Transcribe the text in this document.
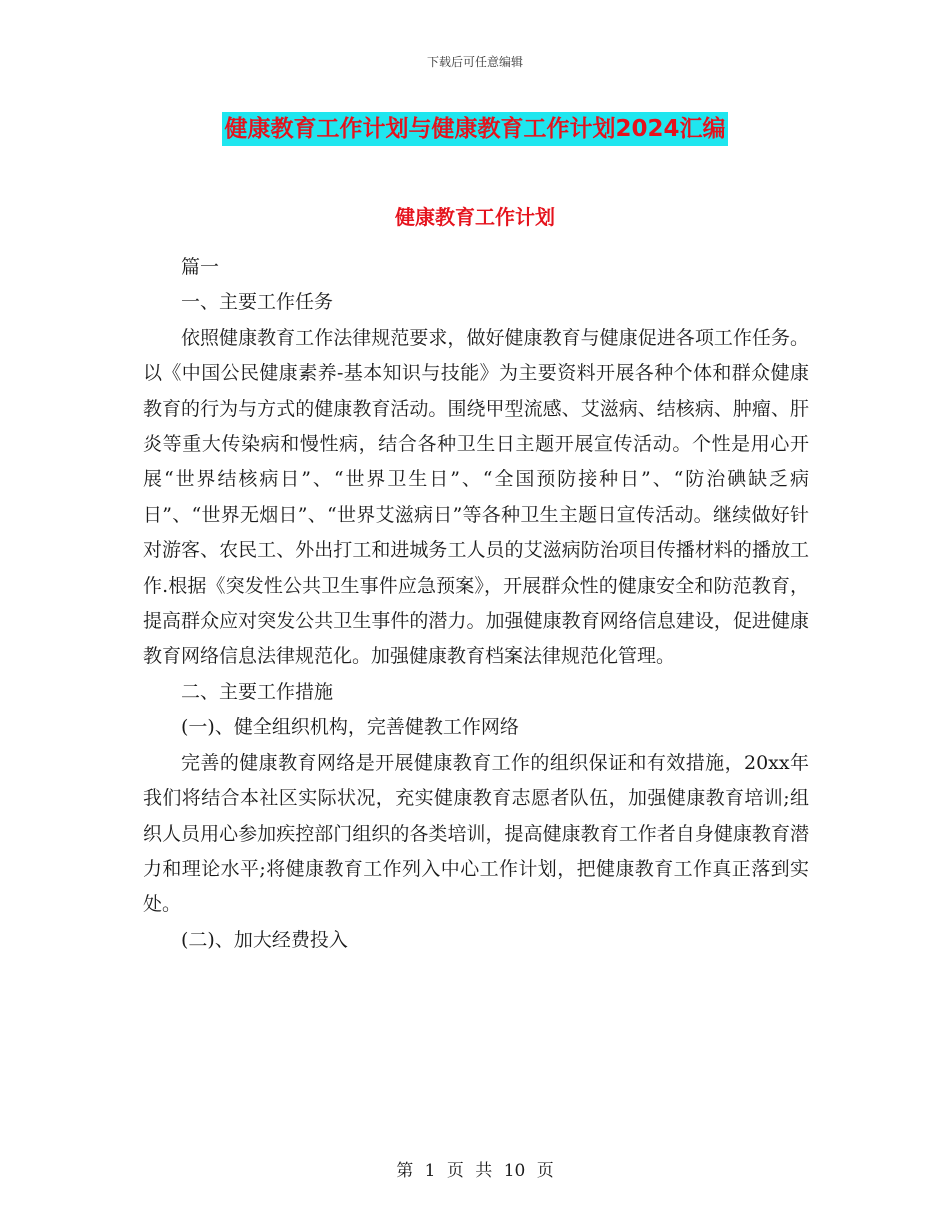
下载后可任意编辑
健康教育工作计划与健康教育工作计划2024汇编
健康教育工作计划

篇一

一、主要工作任务

依照健康教育工作法律规范要求，做好健康教育与健康促进各项工作任务。以《中国公民健康素养-基本知识与技能》为主要资料开展各种个体和群众健康教育的行为与方式的健康教育活动。围绕甲型流感、艾滋病、结核病、肿瘤、肝炎等重大传染病和慢性病，结合各种卫生日主题开展宣传活动。个性是用心开展“世界结核病日”、“世界卫生日”、“全国预防接种日”、“防治碘缺乏病日”、“世界无烟日”、“世界艾滋病日”等各种卫生主题日宣传活动。继续做好针对游客、农民工、外出打工和进城务工人员的艾滋病防治项目传播材料的播放工作.根据《突发性公共卫生事件应急预案》，开展群众性的健康安全和防范教育，提高群众应对突发公共卫生事件的潜力。加强健康教育网络信息建设，促进健康教育网络信息法律规范化。加强健康教育档案法律规范化管理。

二、主要工作措施

(一)、健全组织机构，完善健教工作网络

完善的健康教育网络是开展健康教育工作的组织保证和有效措施，20xx年我们将结合本社区实际状况，充实健康教育志愿者队伍，加强健康教育培训;组织人员用心参加疾控部门组织的各类培训，提高健康教育工作者自身健康教育潜力和理论水平;将健康教育工作列入中心工作计划，把健康教育工作真正落到实处。

(二)、加大经费投入

第 1 页 共 10 页
